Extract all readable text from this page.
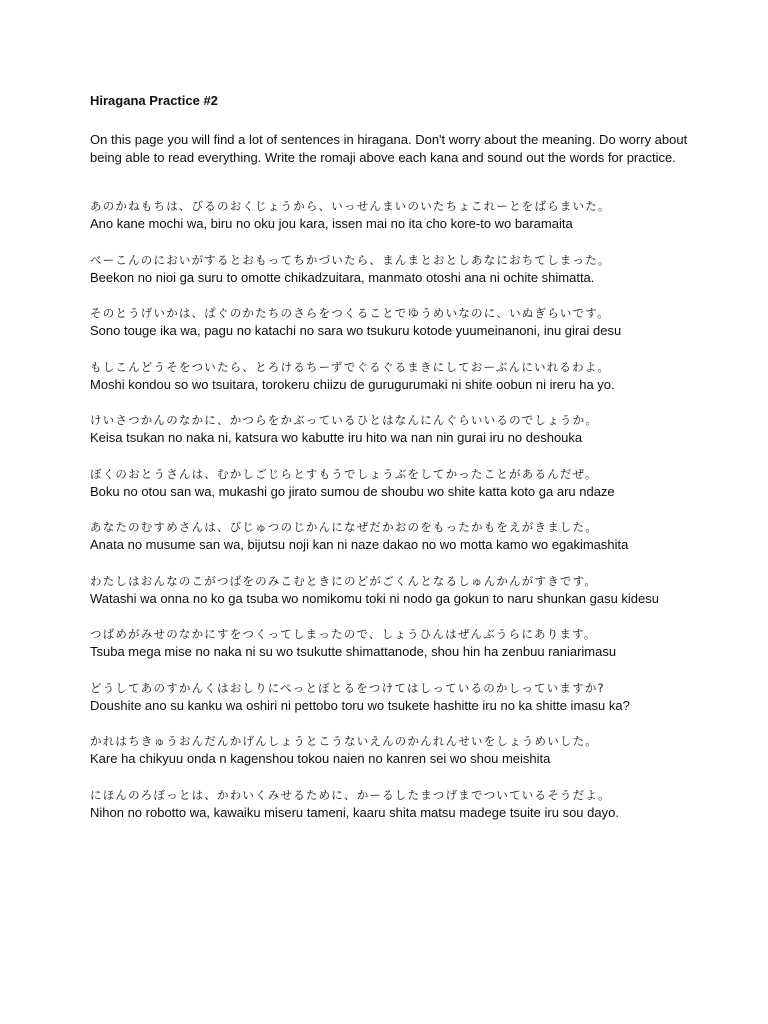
Hiragana Practice #2
On this page you will find a lot of sentences in hiragana. Don't worry about the meaning. Do worry about being able to read everything. Write the romaji above each kana and sound out the words for practice.
あのかねもちは、びるのおくじょうから、いっせんまいのいたちょこれーとをばらまいた。
Ano kane mochi wa, biru no oku jou kara, issen mai no ita cho kore-to wo baramaita
べーこんのにおいがするとおもってちかづいたら、まんまとおとしあなにおちてしまった。
Beekon no nioi ga suru to omotte chikadzuitara, manmato otoshi ana ni ochite shimatta.
そのとうげいかは、ぱぐのかたちのさらをつくることでゆうめいなのに、いぬぎらいです。
Sono touge ika wa, pagu no katachi no sara wo tsukuru kotode yuumeinanoni, inu girai desu
もしこんどうそをついたら、とろけるちーずでぐるぐるまきにしておーぶんにいれるわよ。
Moshi kondou so wo tsuitara, torokeru chiizu de gurugurumaki ni shite oobun ni ireru ha yo.
けいさつかんのなかに、かつらをかぶっているひとはなんにんぐらいいるのでしょうか。
Keisa tsukan no naka ni, katsura wo kabutte iru hito wa nan nin gurai iru no deshouka
ぼくのおとうさんは、むかしごじらとすもうでしょうぶをしてかったことがあるんだぜ。
Boku no otou san wa, mukashi go jirato sumou de shoubu wo shite katta koto ga aru ndaze
あなたのむすめさんは、びじゅつのじかんになぜだかおのをもったかもをえがきました。
Anata no musume san wa, bijutsu noji kan ni naze dakao no wo motta kamo wo egakimashita
わたしはおんなのこがつばをのみこむときにのどがごくんとなるしゅんかんがすきです。
Watashi wa onna no ko ga tsuba wo nomikomu toki ni nodo ga gokun to naru shunkan gasu kidesu
つばめがみせのなかにすをつくってしまったので、しょうひんはぜんぶうらにあります。
Tsuba mega mise no naka ni su wo tsukutte shimattanode, shou hin ha zenbuu raniarimasu
どうしてあのすかんくはおしりにぺっとぼとるをつけてはしっているのかしっていますか?
Doushite ano su kanku wa oshiri ni pettobo toru wo tsukete hashitte iru no ka shitte imasu ka?
かれはちきゅうおんだんかげんしょうとこうないえんのかんれんせいをしょうめいした。
Kare ha chikyuu onda n kagenshou tokou naien no kanren sei wo shou meishita
にほんのろぼっとは、かわいくみせるために、かーるしたまつげまでついているそうだよ。
Nihon no robotto wa, kawaiku miseru tameni, kaaru shita matsu madege tsuite iru sou dayo.
